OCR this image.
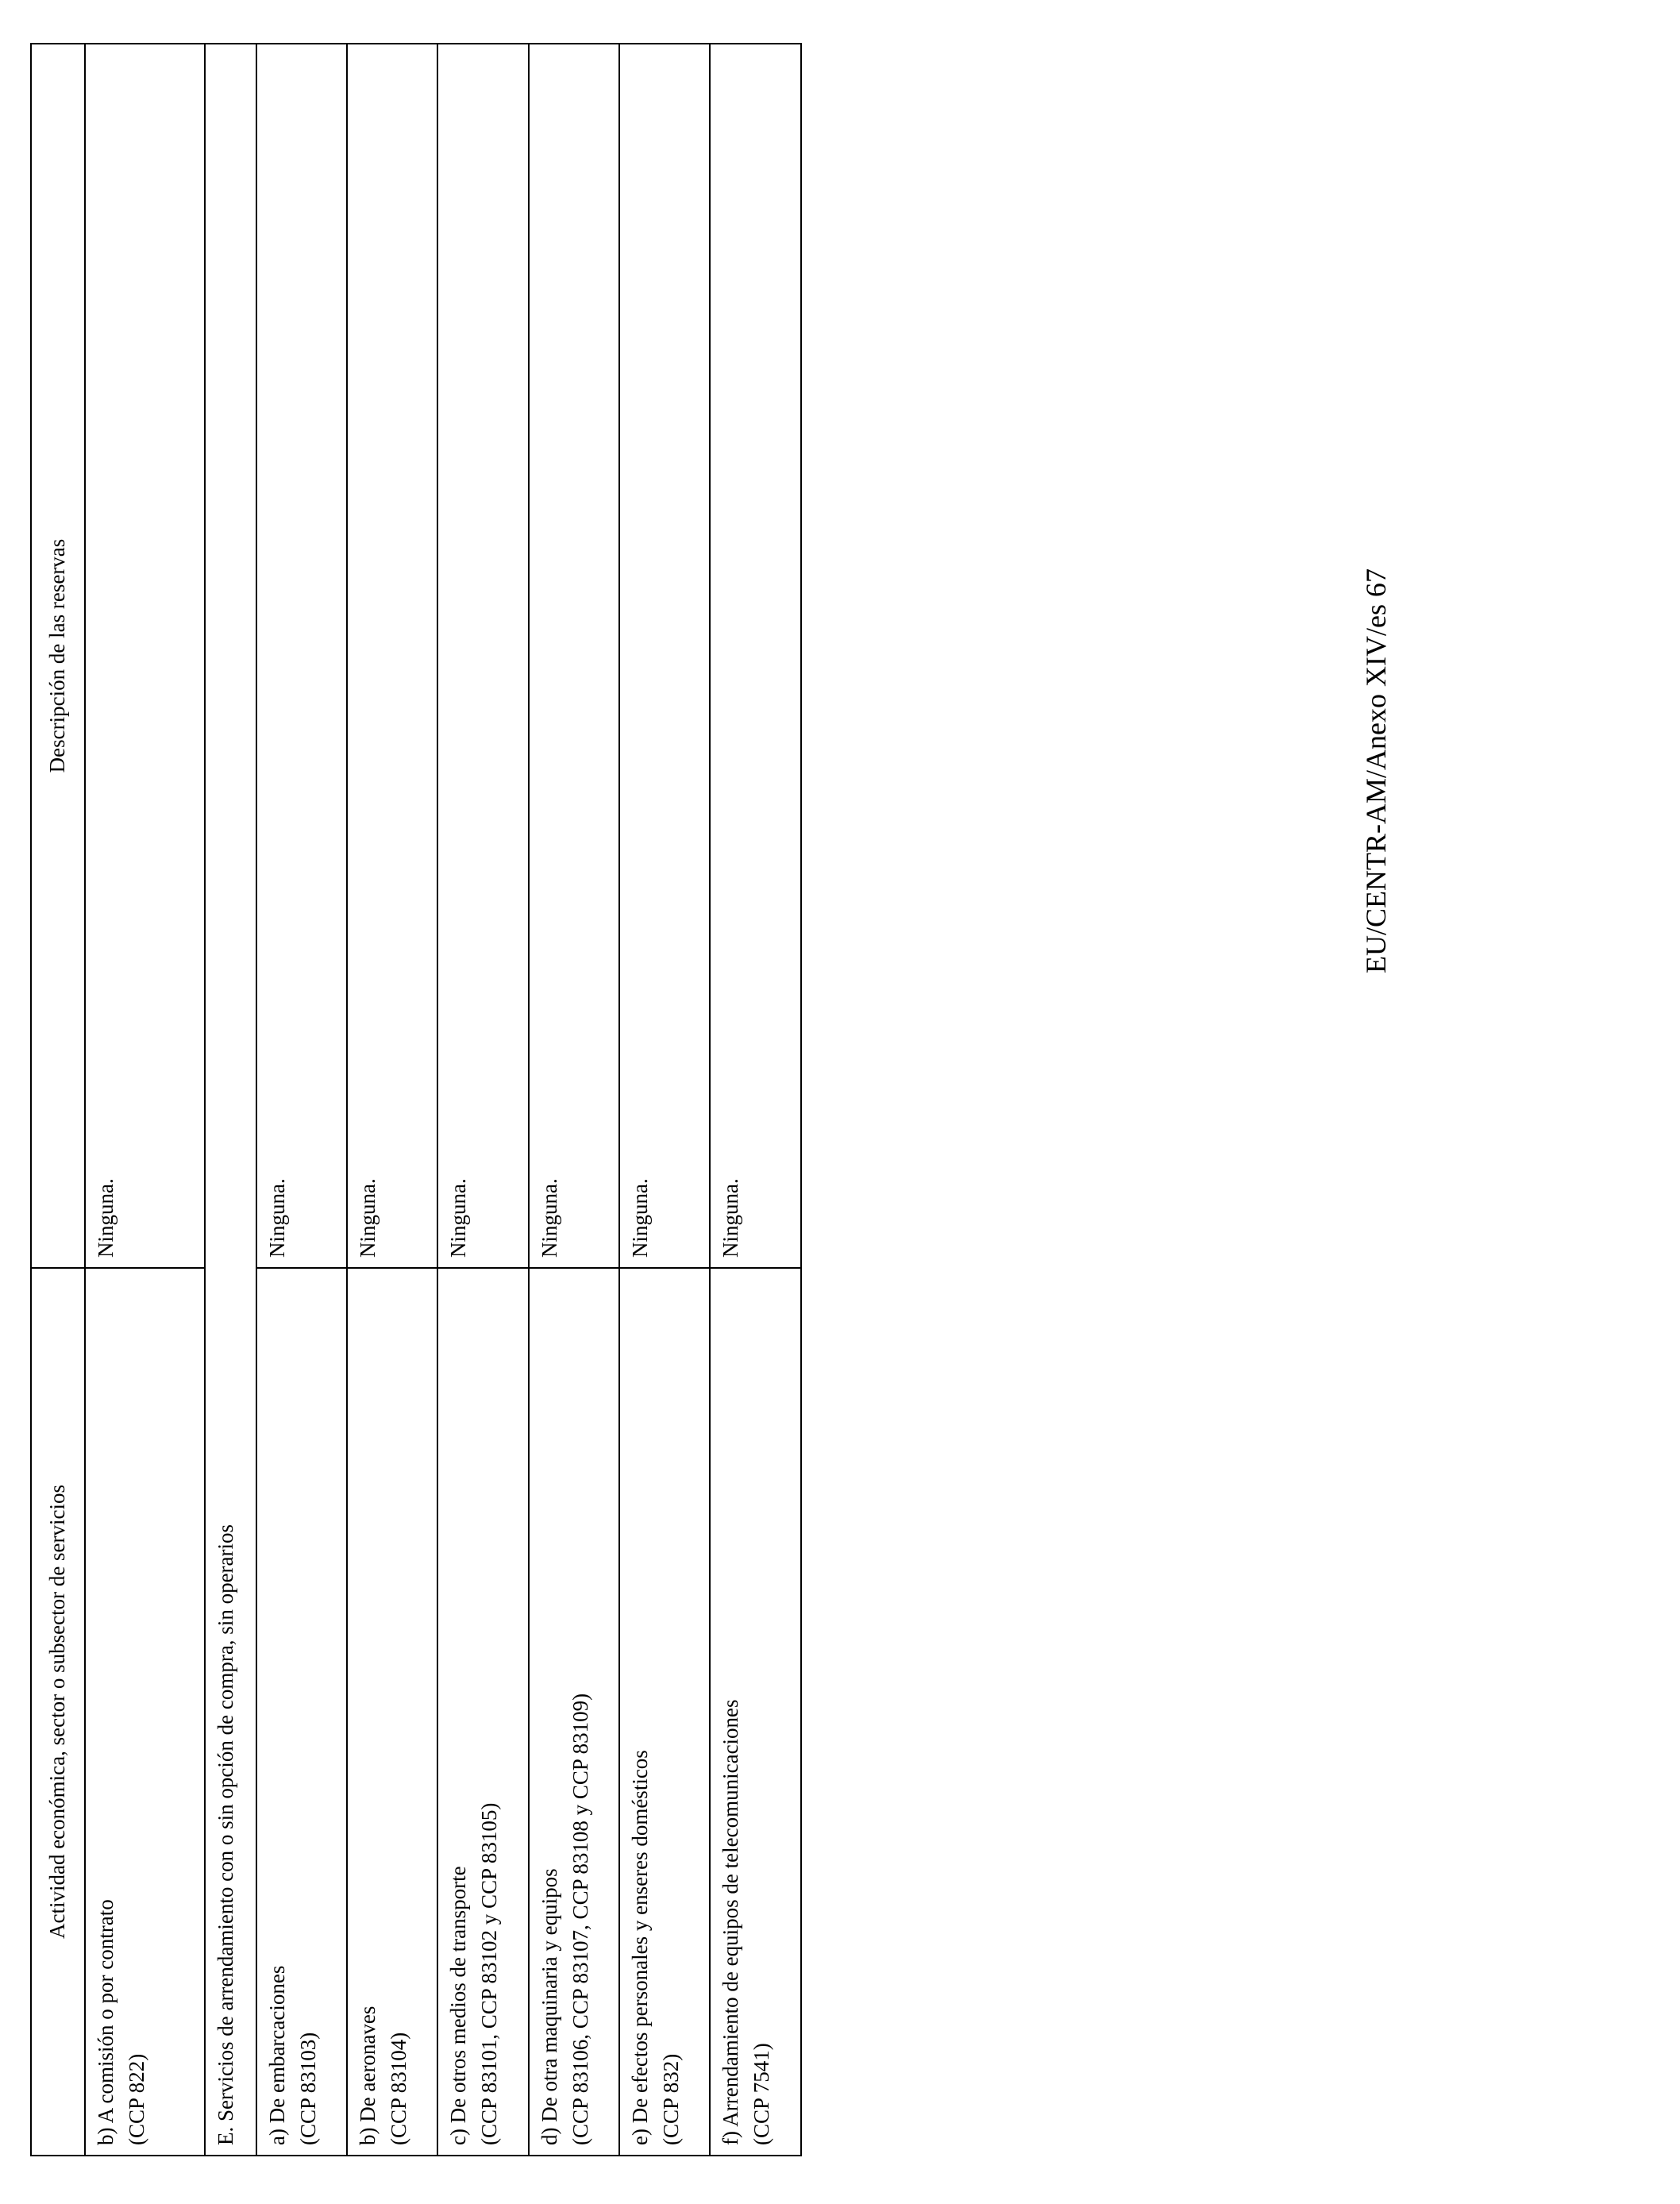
Actividad económica, sector o subsector de servicios	Descripción de las reservas

b) A comisión o por contrato (CCP 822)	Ninguna.
E. Servicios de arrendamiento con o sin opción de compra, sin operarios	

a) De embarcaciones (CCP 83103)	Ninguna.

b) De aeronaves (CCP 83104)	Ninguna.

c) De otros medios de transporte (CCP 83101, CCP 83102 y CCP 83105)	Ninguna.

d) De otra maquinaria y equipos (CCP 83106, CCP 83107, CCP 83108 y CCP 83109)	Ninguna.

e) De efectos personales y enseres domésticos (CCP 832)	Ninguna.

f) Arrendamiento de equipos de telecomunicaciones (CCP 7541)	Ninguna.
EU/CENTR-AM/Anexo XIV/es 67
